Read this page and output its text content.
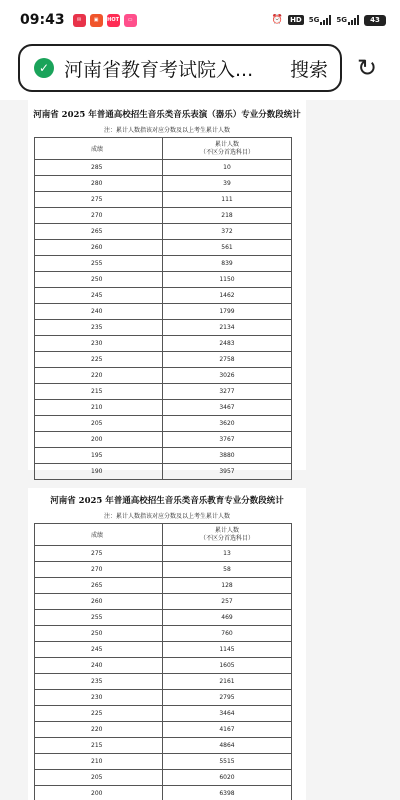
09:43	✉	▣	HOT	▭	⏰ HD 5G 5G	43
✓ 河南省教育考试院入...	搜索 ↻
河南省 2025 年普通高校招生音乐类音乐表演（器乐）专业分数段统计
注：累计人数指该对应分数及以上考生累计人数
成绩	累计人数
（不区分首选科目）

285	10
280	39
275	111
270	218
265	372
260	561
255	839
250	1150
245	1462
240	1799
235	2134
230	2483
225	2758
220	3026
215	3277
210	3467
205	3620
200	3767
195	3880
190	3957
河南省 2025 年普通高校招生音乐类音乐教育专业分数段统计
注：累计人数指该对应分数及以上考生累计人数
成绩	累计人数
（不区分首选科目）

275	13
270	58
265	128
260	257
255	469
250	760
245	1145
240	1605
235	2161
230	2795
225	3464
220	4167
215	4864
210	5515
205	6020
200	6398
